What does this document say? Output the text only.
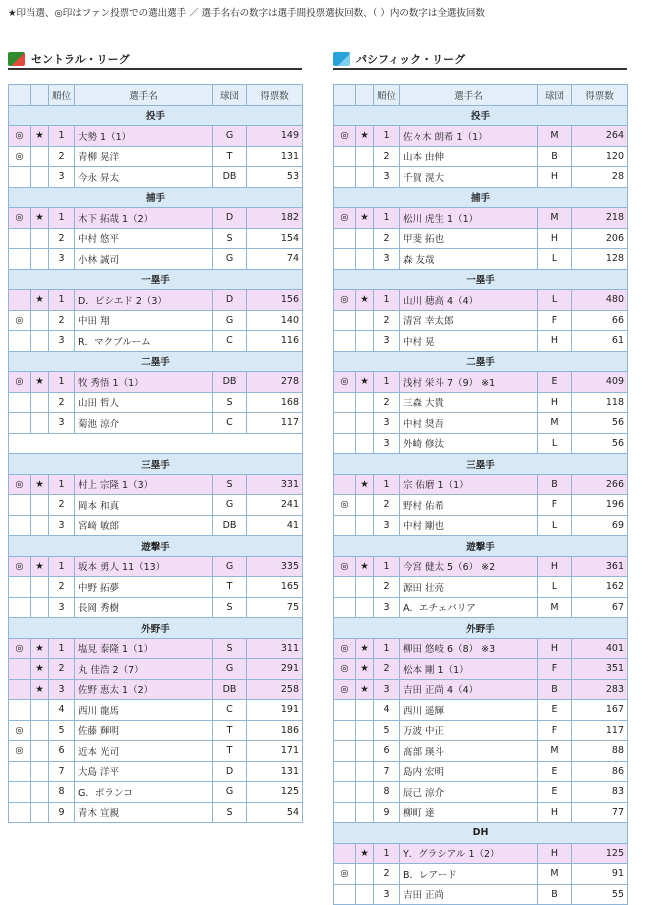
★印当選、◎印はファン投票での選出選手 ／ 選手名右の数字は選手間投票選抜回数、（ ）内の数字は全選抜回数
セントラル・リーグ
		順位	選手名	球団	得票数
投手					
◎	★	1	大勢 1（1）	G	149
◎		2	青柳 晃洋	T	131
		3	今永 昇太	DB	53
捕手					
◎	★	1	木下 拓哉 1（2）	D	182
		2	中村 悠平	S	154
		3	小林 誠司	G	74
一塁手					
	★	1	D．ビシエド 2（3）	D	156
◎		2	中田 翔	G	140
		3	R．マクブルーム	C	116
二塁手					
◎	★	1	牧 秀悟 1（1）	DB	278
		2	山田 哲人	S	168
		3	菊池 涼介	C	117

三塁手					
◎	★	1	村上 宗隆 1（3）	S	331
		2	岡本 和真	G	241
		3	宮﨑 敏郎	DB	41
遊撃手					
◎	★	1	坂本 勇人 11（13）	G	335
		2	中野 拓夢	T	165
		3	長岡 秀樹	S	75
外野手					
◎	★	1	塩見 泰隆 1（1）	S	311
	★	2	丸 佳浩 2（7）	G	291
	★	3	佐野 恵太 1（2）	DB	258
		4	西川 龍馬	C	191
◎		5	佐藤 輝明	T	186
◎		6	近本 光司	T	171
		7	大島 洋平	D	131
		8	G．ポランコ	G	125
		9	青木 宣親	S	54
パシフィック・リーグ
		順位	選手名	球団	得票数
投手					
◎	★	1	佐々木 朗希 1（1）	M	264
		2	山本 由伸	B	120
		3	千賀 滉大	H	28
捕手					
◎	★	1	松川 虎生 1（1）	M	218
		2	甲斐 拓也	H	206
		3	森 友哉	L	128
一塁手					
◎	★	1	山川 穂高 4（4）	L	480
		2	清宮 幸太郎	F	66
		3	中村 晃	H	61
二塁手					
◎	★	1	浅村 栄斗 7（9） ※1	E	409
		2	三森 大貴	H	118
		3	中村 奨吾	M	56
		3	外崎 修汰	L	56
三塁手					
	★	1	宗 佑磨 1（1）	B	266
◎		2	野村 佑希	F	196
		3	中村 剛也	L	69
遊撃手					
◎	★	1	今宮 健太 5（6） ※2	H	361
		2	源田 壮亮	L	162
		3	A．エチェバリア	M	67
外野手					
◎	★	1	柳田 悠岐 6（8） ※3	H	401
◎	★	2	松本 剛 1（1）	F	351
◎	★	3	吉田 正尚 4（4）	B	283
		4	西川 遥輝	E	167
		5	万波 中正	F	117
		6	髙部 瑛斗	M	88
		7	島内 宏明	E	86
		8	辰己 涼介	E	83
		9	柳町 達	H	77
DH					
	★	1	Y．グラシアル 1（2）	H	125
◎		2	B．レアード	M	91
		3	吉田 正尚	B	55
